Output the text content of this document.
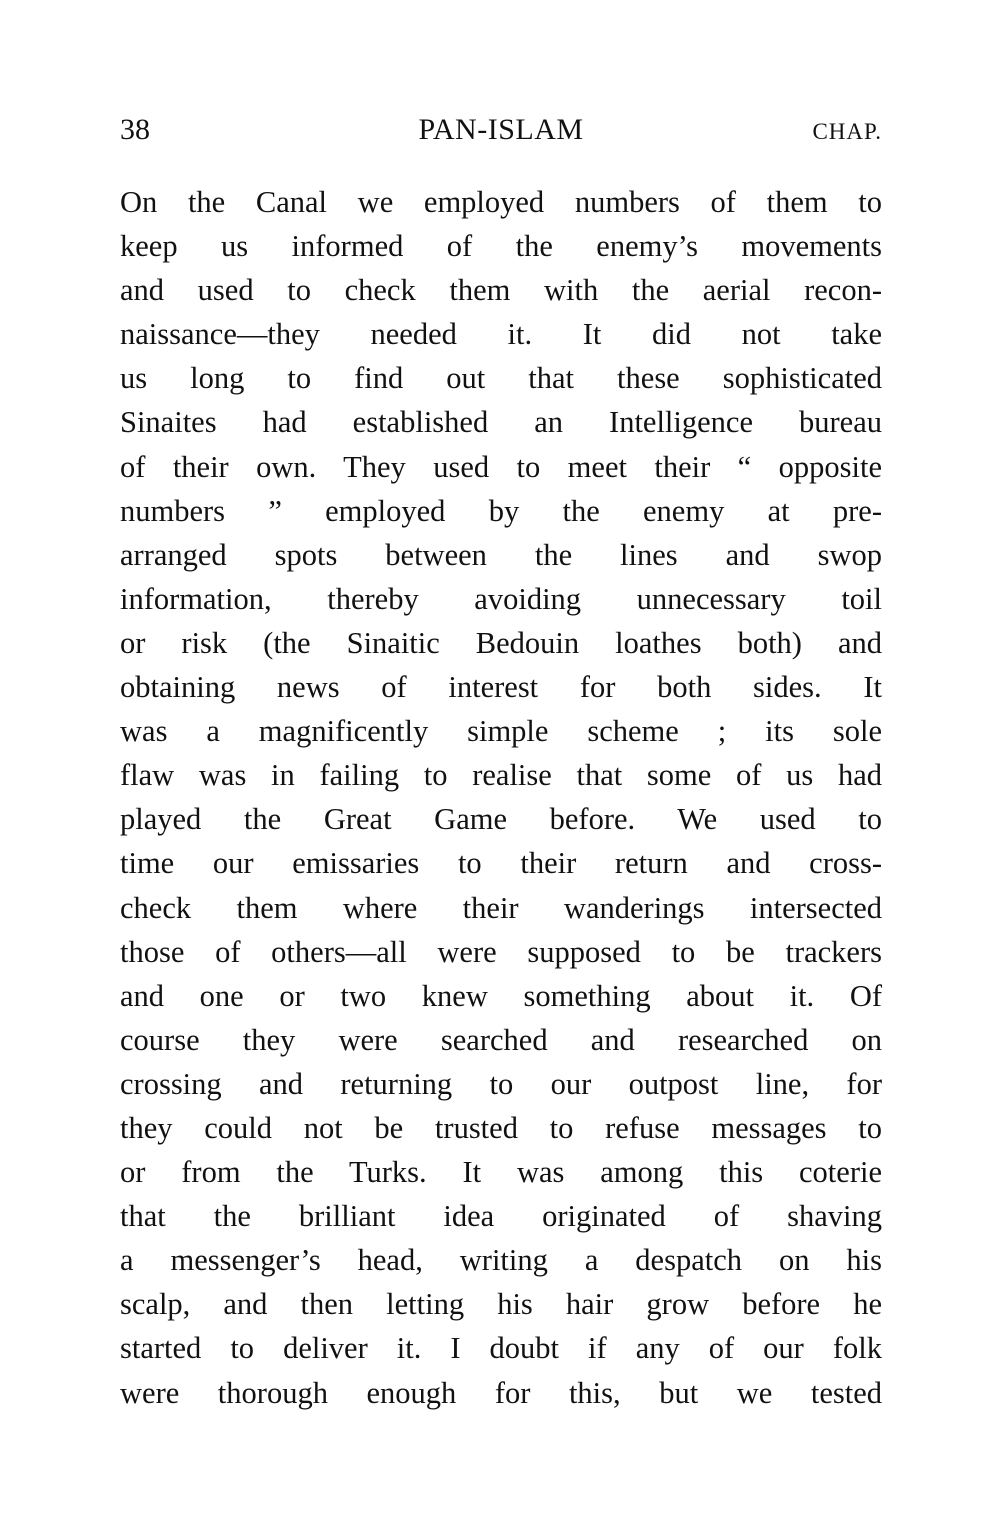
38	PAN-ISLAM	CHAP.
On the Canal we employed numbers of them to
keep us informed of the enemy’s movements
and used to check them with the aerial recon-
naissance—they needed it. It did not take
us long to find out that these sophisticated
Sinaites had established an Intelligence bureau
of their own. They used to meet their “ opposite
numbers ” employed by the enemy at pre-
arranged spots between the lines and swop
information, thereby avoiding unnecessary toil
or risk (the Sinaitic Bedouin loathes both) and
obtaining news of interest for both sides. It
was a magnificently simple scheme ; its sole
flaw was in failing to realise that some of us had
played the Great Game before. We used to
time our emissaries to their return and cross-
check them where their wanderings intersected
those of others—all were supposed to be trackers
and one or two knew something about it. Of
course they were searched and researched on
crossing and returning to our outpost line, for
they could not be trusted to refuse messages to
or from the Turks. It was among this coterie
that the brilliant idea originated of shaving
a messenger’s head, writing a despatch on his
scalp, and then letting his hair grow before he
started to deliver it. I doubt if any of our folk
were thorough enough for this, but we tested
